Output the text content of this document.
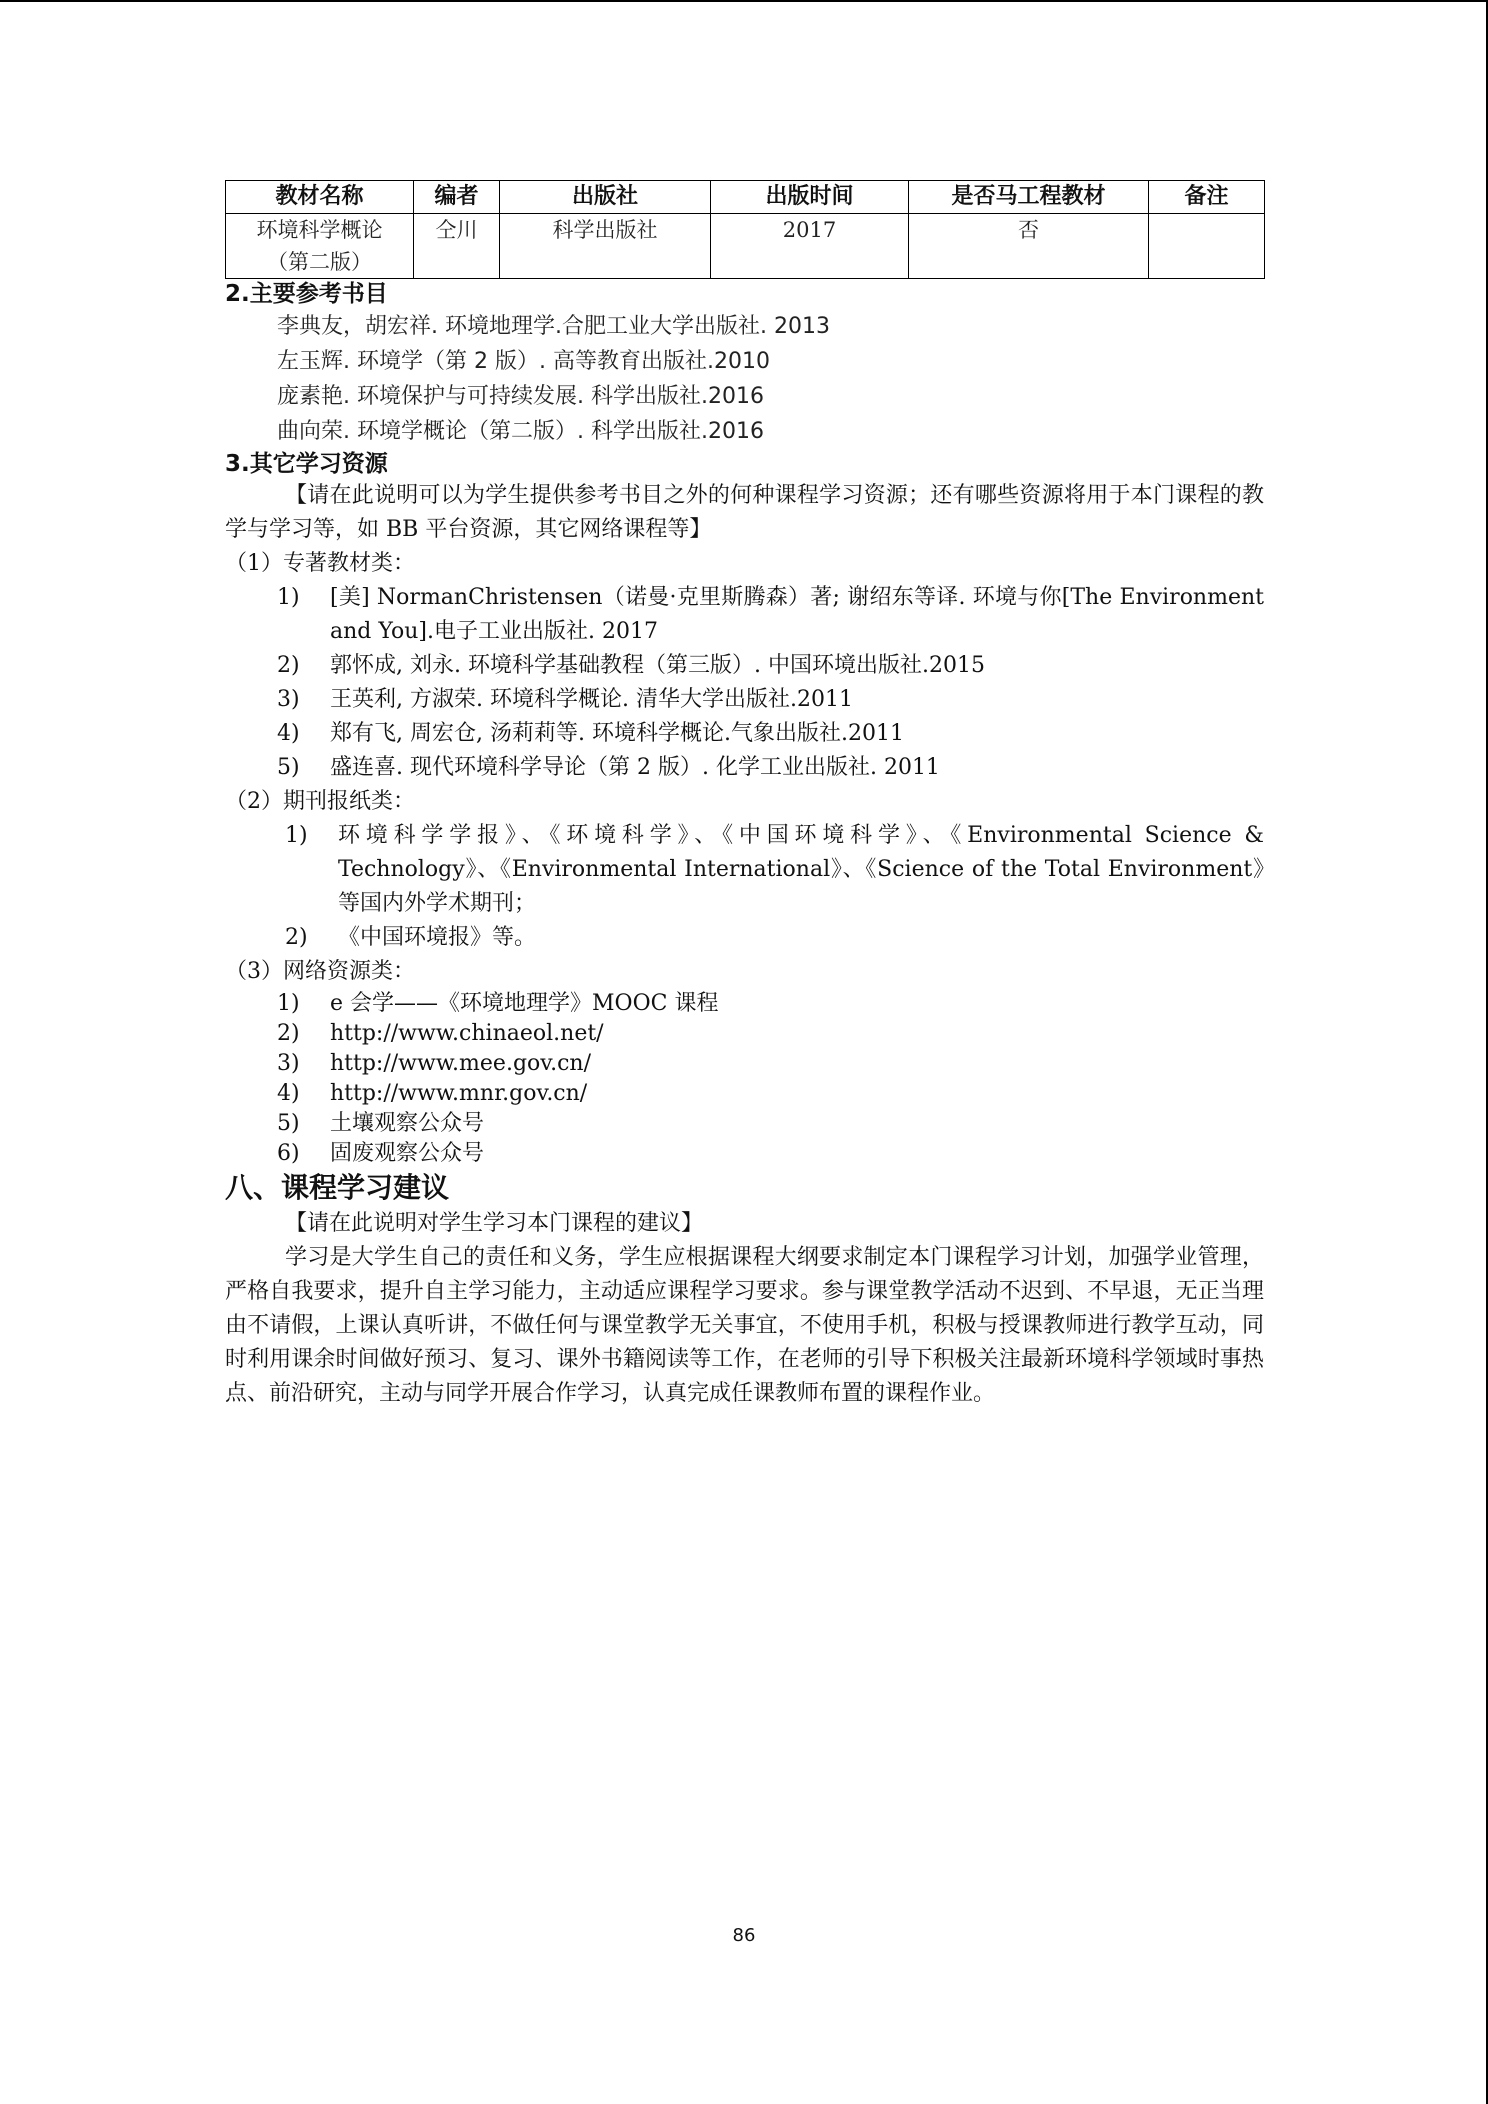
教材名称	编者	出版社	出版时间	是否马工程教材	备注

环境科学概论
（第二版）	仝川	科学出版社	2017	否	
2.主要参考书目
李典友，胡宏祥. 环境地理学.合肥工业大学出版社. 2013
左玉辉. 环境学（第 2 版）. 高等教育出版社.2010
庞素艳. 环境保护与可持续发展. 科学出版社.2016
曲向荣. 环境学概论（第二版）. 科学出版社.2016
3.其它学习资源

【请在此说明可以为学生提供参考书目之外的何种课程学习资源；还有哪些资源将用于本门课程的教学与学习等，如 BB 平台资源，其它网络课程等】

（1）专著教材类：

1) [美] NormanChristensen（诺曼·克里斯腾森）著; 谢绍东等译. 环境与你[The Environment and You].电子工业出版社. 2017
2) 郭怀成, 刘永. 环境科学基础教程（第三版）. 中国环境出版社.2015
3) 王英利, 方淑荣. 环境科学概论. 清华大学出版社.2011
4) 郑有飞, 周宏仓, 汤莉莉等. 环境科学概论.气象出版社.2011
5) 盛连喜. 现代环境科学导论（第 2 版）. 化学工业出版社. 2011

（2）期刊报纸类：

1) 环境科学学报》、《环境科学》、《中国环境科学》、《Environmental Science & Technology》、《Environmental International》、《Science of the Total Environment》等国内外学术期刊；
2) 《中国环境报》等。

（3）网络资源类：

1) e 会学——《环境地理学》MOOC 课程
2) http://www.chinaeol.net/
3) http://www.mee.gov.cn/
4) http://www.mnr.gov.cn/
5) 土壤观察公众号
6) 固废观察公众号
八、课程学习建议

【请在此说明对学生学习本门课程的建议】

学习是大学生自己的责任和义务，学生应根据课程大纲要求制定本门课程学习计划，加强学业管理，严格自我要求，提升自主学习能力，主动适应课程学习要求。参与课堂教学活动不迟到、不早退，无正当理由不请假，上课认真听讲，不做任何与课堂教学无关事宜，不使用手机，积极与授课教师进行教学互动，同时利用课余时间做好预习、复习、课外书籍阅读等工作，在老师的引导下积极关注最新环境科学领域时事热点、前沿研究，主动与同学开展合作学习，认真完成任课教师布置的课程作业。

86
